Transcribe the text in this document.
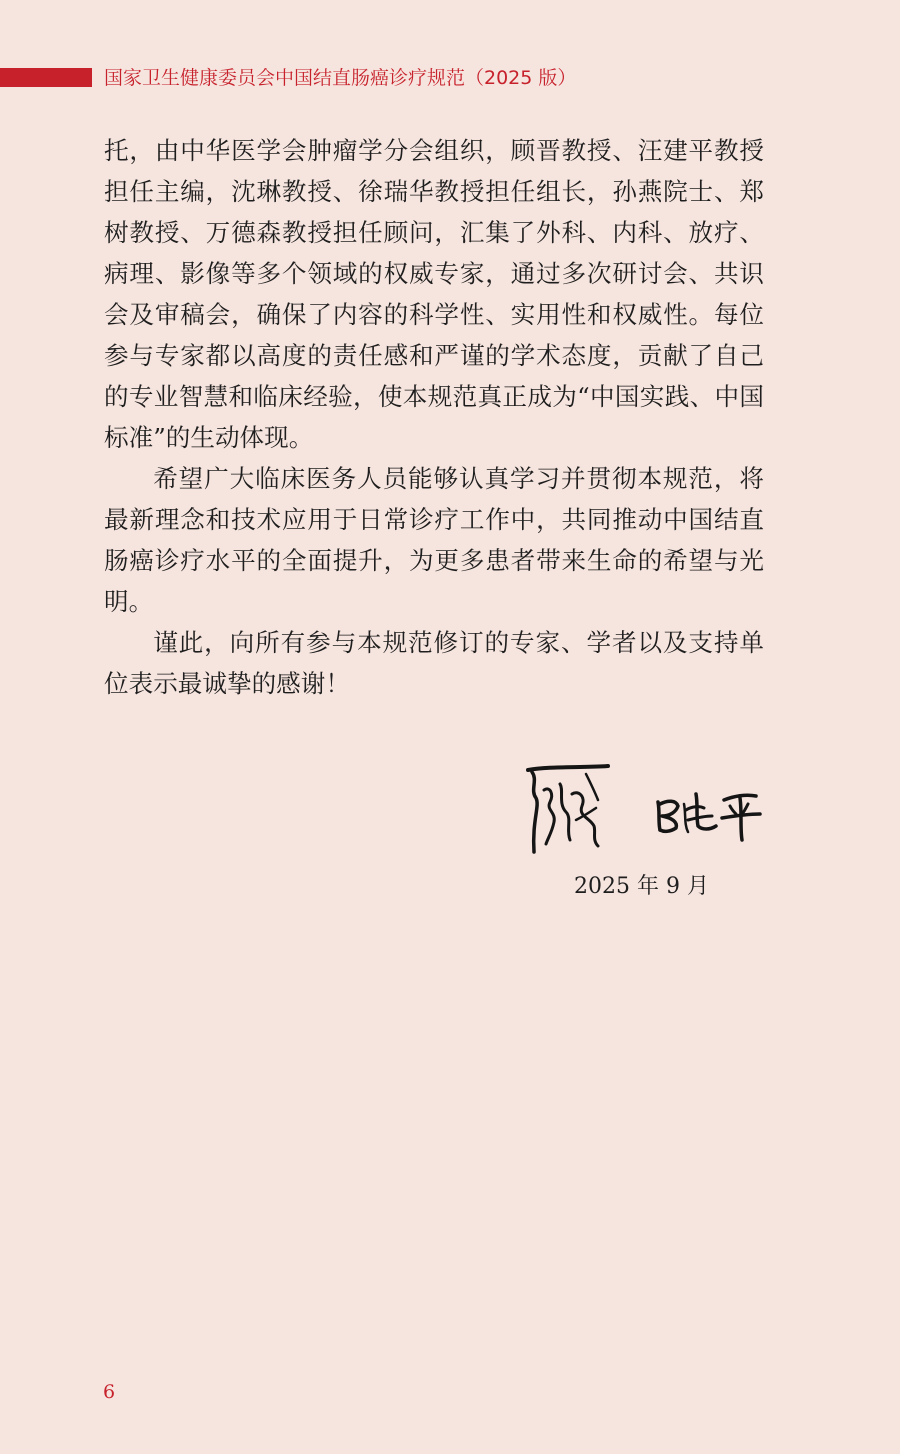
国家卫生健康委员会中国结直肠癌诊疗规范（2025 版）

托，由中华医学会肿瘤学分会组织，顾晋教授、汪建平教授担任主编，沈琳教授、徐瑞华教授担任组长，孙燕院士、郑树教授、万德森教授担任顾问，汇集了外科、内科、放疗、病理、影像等多个领域的权威专家，通过多次研讨会、共识会及审稿会，确保了内容的科学性、实用性和权威性。每位参与专家都以高度的责任感和严谨的学术态度，贡献了自己的专业智慧和临床经验，使本规范真正成为“中国实践、中国标准”的生动体现。

希望广大临床医务人员能够认真学习并贯彻本规范，将最新理念和技术应用于日常诊疗工作中，共同推动中国结直肠癌诊疗水平的全面提升，为更多患者带来生命的希望与光明。

谨此，向所有参与本规范修订的专家、学者以及支持单位表示最诚挚的感谢！

2025 年 9 月
6
